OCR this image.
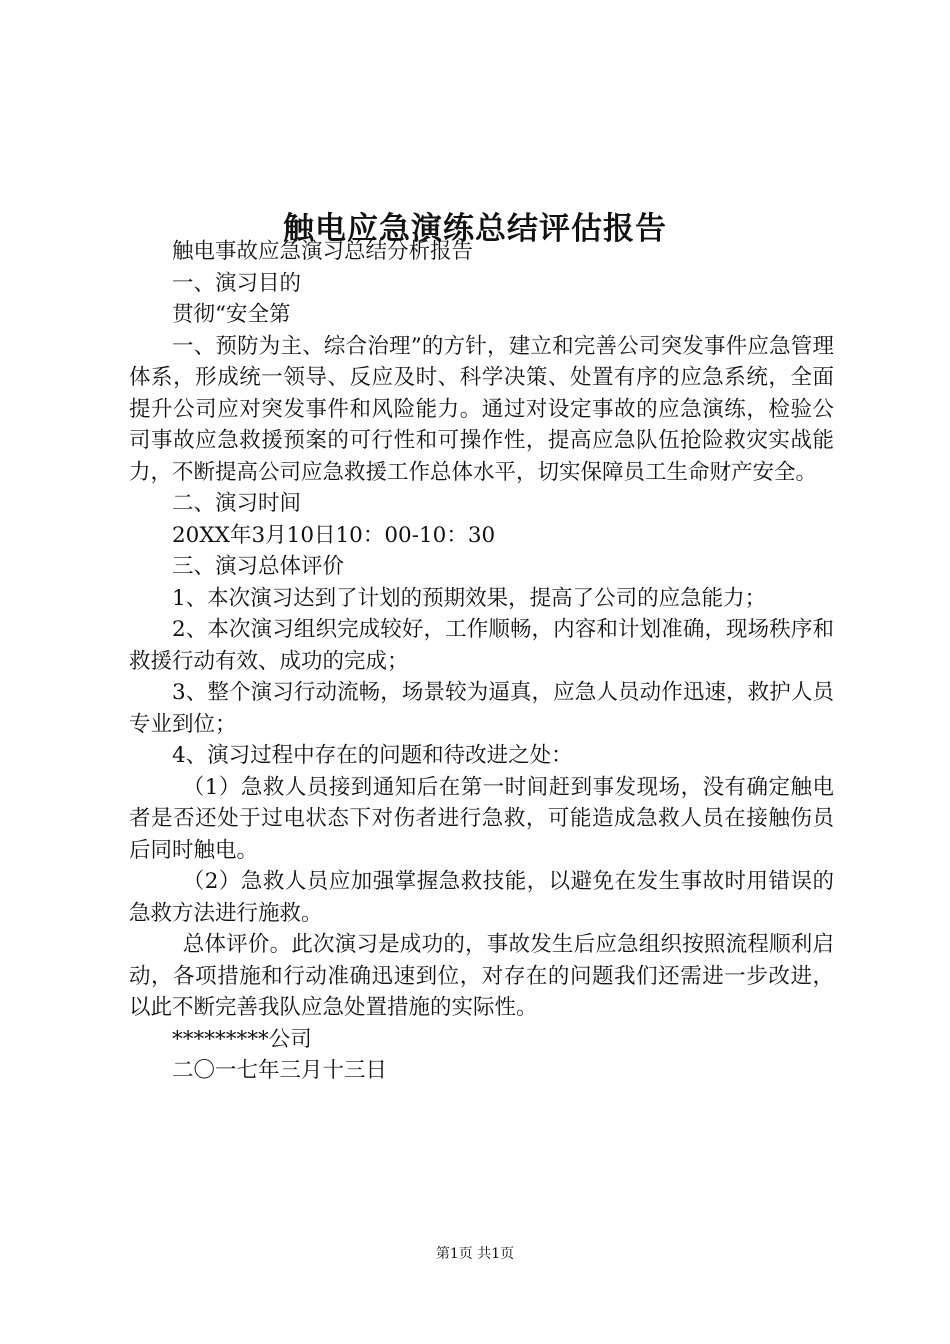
触电应急演练总结评估报告

触电事故应急演习总结分析报告

一、演习目的

贯彻“安全第

一、预防为主、综合治理”的方针，建立和完善公司突发事件应急管理体系，形成统一领导、反应及时、科学决策、处置有序的应急系统，全面提升公司应对突发事件和风险能力。通过对设定事故的应急演练，检验公司事故应急救援预案的可行性和可操作性，提高应急队伍抢险救灾实战能力，不断提高公司应急救援工作总体水平，切实保障员工生命财产安全。

二、演习时间

20XX年3月10日10：00-10：30

三、演习总体评价

1、本次演习达到了计划的预期效果，提高了公司的应急能力；

2、本次演习组织完成较好，工作顺畅，内容和计划准确，现场秩序和救援行动有效、成功的完成；

3、整个演习行动流畅，场景较为逼真，应急人员动作迅速，救护人员专业到位；

4、演习过程中存在的问题和待改进之处：

（1）急救人员接到通知后在第一时间赶到事发现场，没有确定触电者是否还处于过电状态下对伤者进行急救，可能造成急救人员在接触伤员后同时触电。

（2）急救人员应加强掌握急救技能，以避免在发生事故时用错误的急救方法进行施救。

总体评价。此次演习是成功的，事故发生后应急组织按照流程顺利启动，各项措施和行动准确迅速到位，对存在的问题我们还需进一步改进，以此不断完善我队应急处置措施的实际性。

*********公司

二〇一七年三月十三日

第1页 共1页
